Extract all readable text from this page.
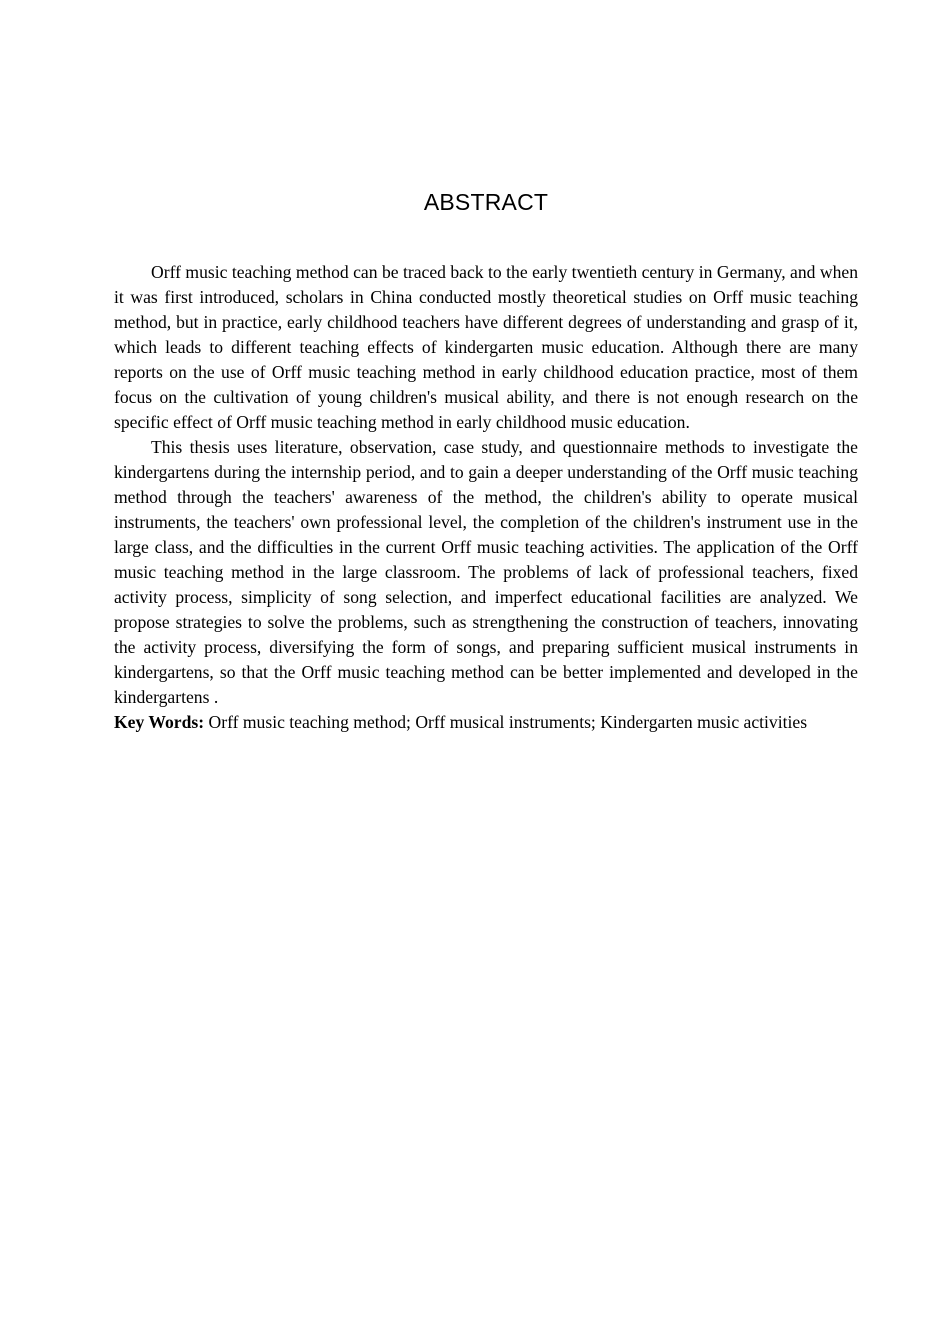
ABSTRACT

Orff music teaching method can be traced back to the early twentieth century in Germany, and when it was first introduced, scholars in China conducted mostly theoretical studies on Orff music teaching method, but in practice, early childhood teachers have different degrees of understanding and grasp of it, which leads to different teaching effects of kindergarten music education. Although there are many reports on the use of Orff music teaching method in early childhood education practice, most of them focus on the cultivation of young children's musical ability, and there is not enough research on the specific effect of Orff music teaching method in early childhood music education.

This thesis uses literature, observation, case study, and questionnaire methods to investigate the kindergartens during the internship period, and to gain a deeper understanding of the Orff music teaching method through the teachers' awareness of the method, the children's ability to operate musical instruments, the teachers' own professional level, the completion of the children's instrument use in the large class, and the difficulties in the current Orff music teaching activities. The application of the Orff music teaching method in the large classroom. The problems of lack of professional teachers, fixed activity process, simplicity of song selection, and imperfect educational facilities are analyzed. We propose strategies to solve the problems, such as strengthening the construction of teachers, innovating the activity process, diversifying the form of songs, and preparing sufficient musical instruments in kindergartens, so that the Orff music teaching method can be better implemented and developed in the kindergartens .

Key Words: Orff music teaching method; Orff musical instruments; Kindergarten music activities
